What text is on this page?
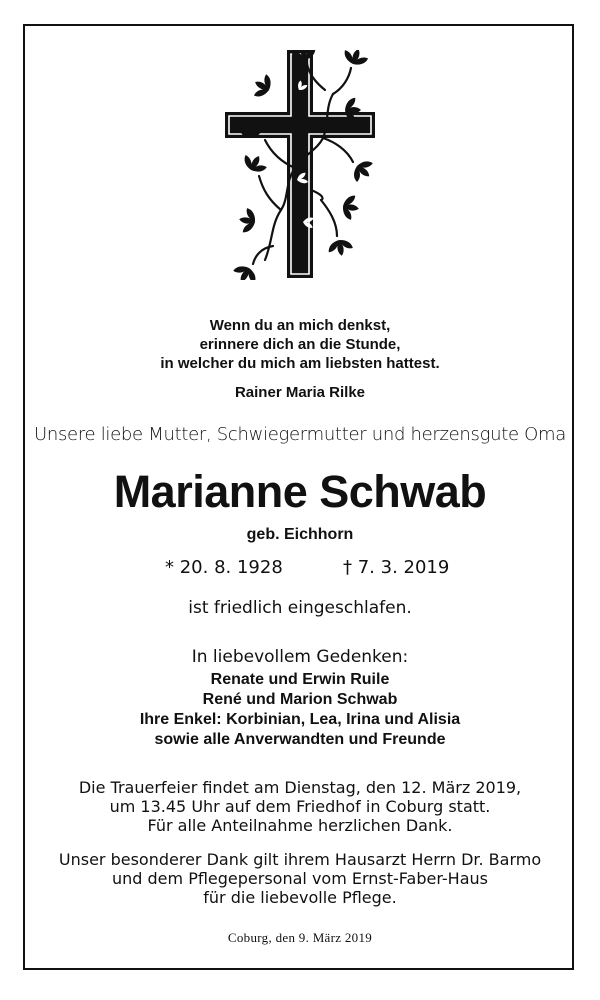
Wenn du an mich denkst,
erinnere dich an die Stunde,
in welcher du mich am liebsten hattest.

Rainer Maria Rilke

Unsere liebe Mutter, Schwiegermutter und herzensgute Oma

Marianne Schwab

geb. Eichhorn

* 20. 8. 1928	† 7. 3. 2019

ist friedlich eingeschlafen.

In liebevollem Gedenken:

Renate und Erwin Ruile
René und Marion Schwab
Ihre Enkel: Korbinian, Lea, Irina und Alisia
sowie alle Anverwandten und Freunde
Die Trauerfeier findet am Dienstag, den 12. März 2019,
um 13.45 Uhr auf dem Friedhof in Coburg statt.
Für alle Anteilnahme herzlichen Dank.
Unser besonderer Dank gilt ihrem Hausarzt Herrn Dr. Barmo
und dem Pflegepersonal vom Ernst-Faber-Haus
für die liebevolle Pflege.

Coburg, den 9. März 2019
